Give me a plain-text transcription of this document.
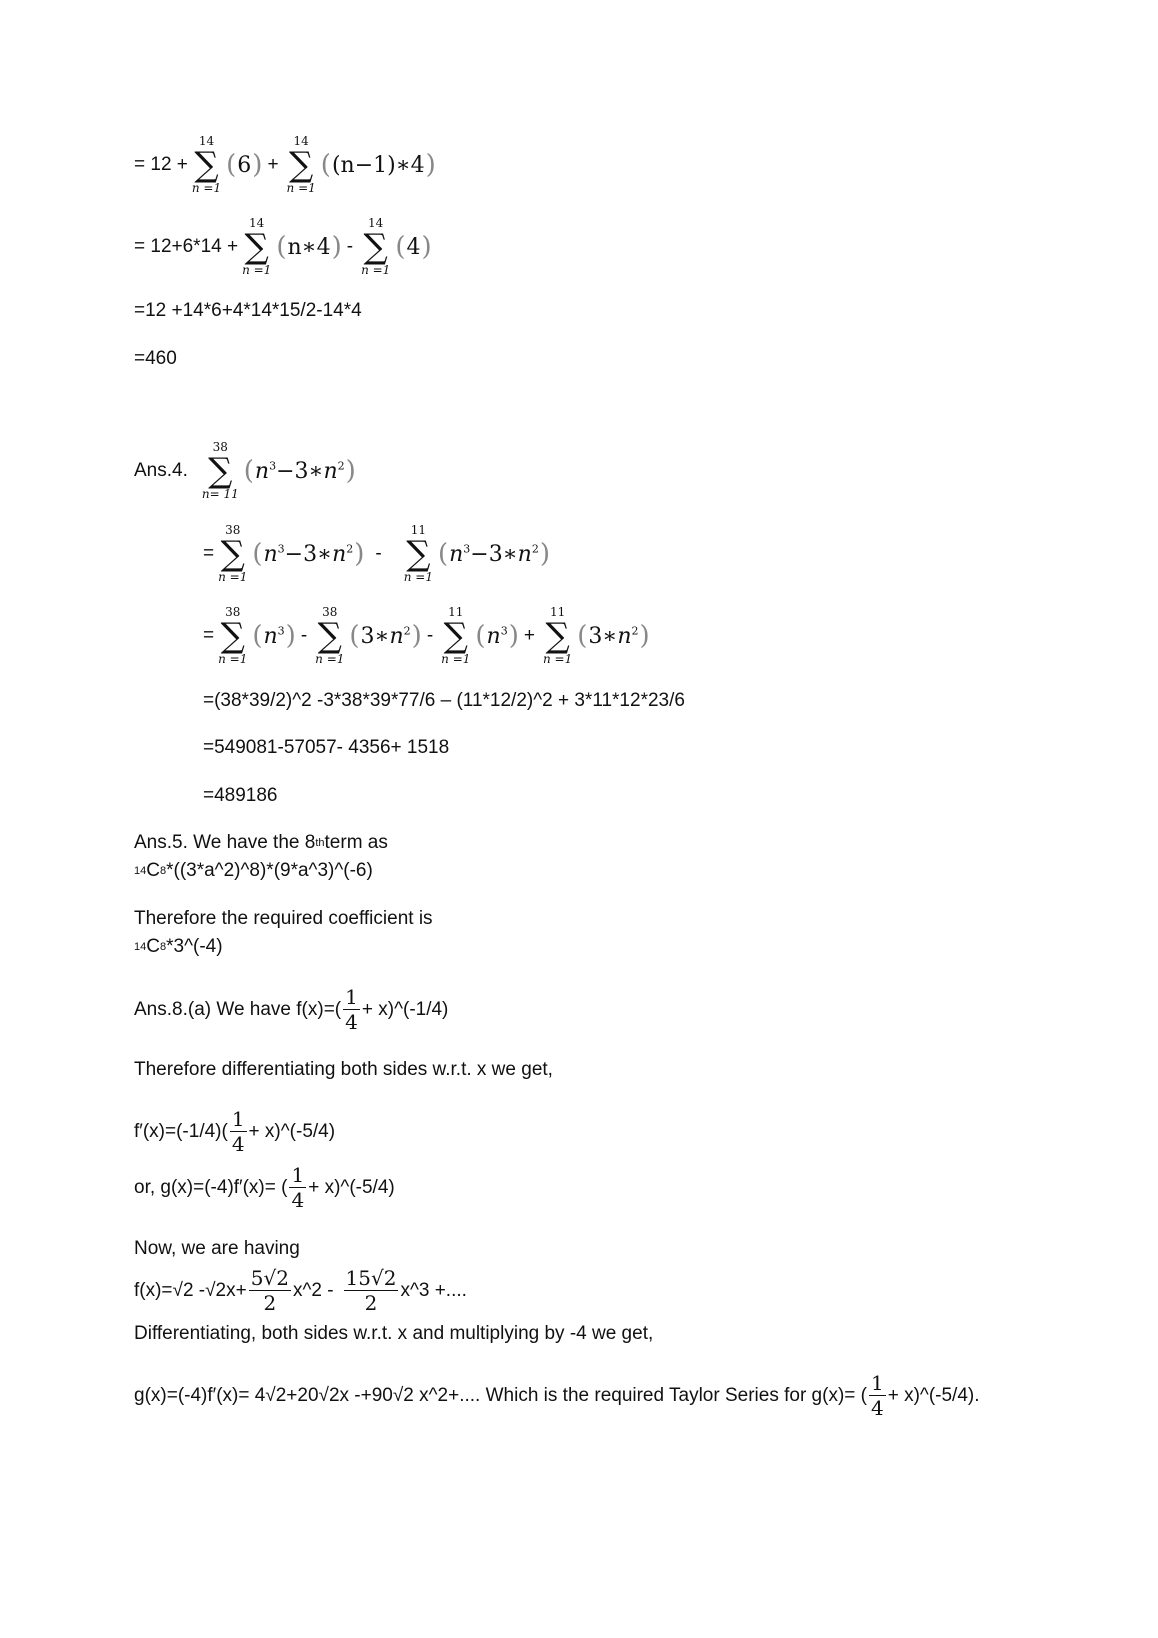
= 12 +
14
∑
n =1
( 6 ) +
14
∑
n =1
( (n−1)∗4 )
= 12+6*14 +
14
∑
n =1
( n∗4 ) -
14
∑
n =1
( 4 )
=12 +14*6+4*14*15/2-14*4
=460
Ans.4.
38
∑
n= 11
( $n^3-3∗n^2$ )
=
38
∑
n =1
( $n^3-3∗n^2$ ) -
11
∑
n =1
( $n^3-3∗n^2$ )
=
38
∑
n =1
( $n^3$ ) -
38
∑
n =1
( $3∗n^2$ ) -
11
∑
n =1
( $n^3$ ) +
11
∑
n =1
( $3∗n^2$ )
=(38*39/2)^2 -3*38*39*77/6 – (11*12/2)^2 + 3*11*12*23/6
=549081-57057- 4356+ 1518
=489186
Ans.5. We have the 8 th term as
14 C 8 *((3*a^2)^8)*(9*a^3)^(-6)
Therefore the required coefficient is
14 C 8 *3^(-4)
Ans.8.(a) We have $f(x)=( \frac{1}{4}$ + x)^(-1/4)
Therefore differentiating both sides w.r.t. x we get,
$f'(x)=(-1/4)( \frac{1}{4}$ + x)^(-5/4)
or, g(x)=(-4)f′(x)= ( $\frac{1}{4}$ + x)^(-5/4)
Now, we are having
f(x)=√2 $-√2x+ \frac{5√2}{2}$ x^2 - $\frac{15√2}{2}$ x^3 +....
Differentiating, both sides w.r.t. x and multiplying by -4 we get,
g(x)=(-4)f′(x)= 4√2+20√2x -+90√2 x^2+.... Which is the required Taylor Series for g(x)= ( $\frac{1}{4}$ + x)^(-5/4).
